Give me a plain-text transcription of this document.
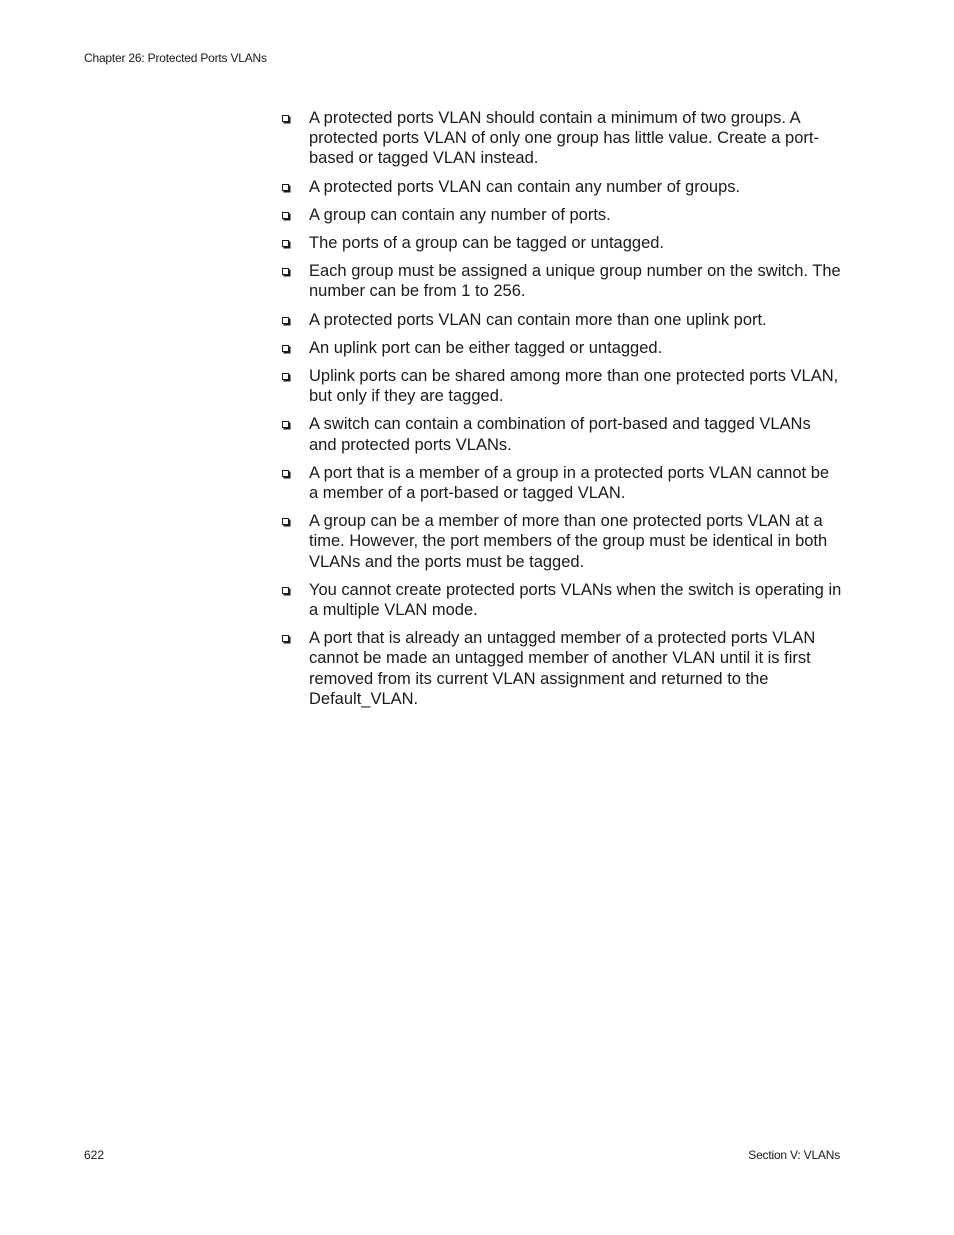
Chapter 26: Protected Ports VLANs
A protected ports VLAN should contain a minimum of two groups. A protected ports VLAN of only one group has little value. Create a port-based or tagged VLAN instead.
A protected ports VLAN can contain any number of groups.
A group can contain any number of ports.
The ports of a group can be tagged or untagged.
Each group must be assigned a unique group number on the switch. The number can be from 1 to 256.
A protected ports VLAN can contain more than one uplink port.
An uplink port can be either tagged or untagged.
Uplink ports can be shared among more than one protected ports VLAN, but only if they are tagged.
A switch can contain a combination of port-based and tagged VLANs and protected ports VLANs.
A port that is a member of a group in a protected ports VLAN cannot be a member of a port-based or tagged VLAN.
A group can be a member of more than one protected ports VLAN at a time. However, the port members of the group must be identical in both VLANs and the ports must be tagged.
You cannot create protected ports VLANs when the switch is operating in a multiple VLAN mode.
A port that is already an untagged member of a protected ports VLAN cannot be made an untagged member of another VLAN until it is first removed from its current VLAN assignment and returned to the Default_VLAN.
622	Section V: VLANs
